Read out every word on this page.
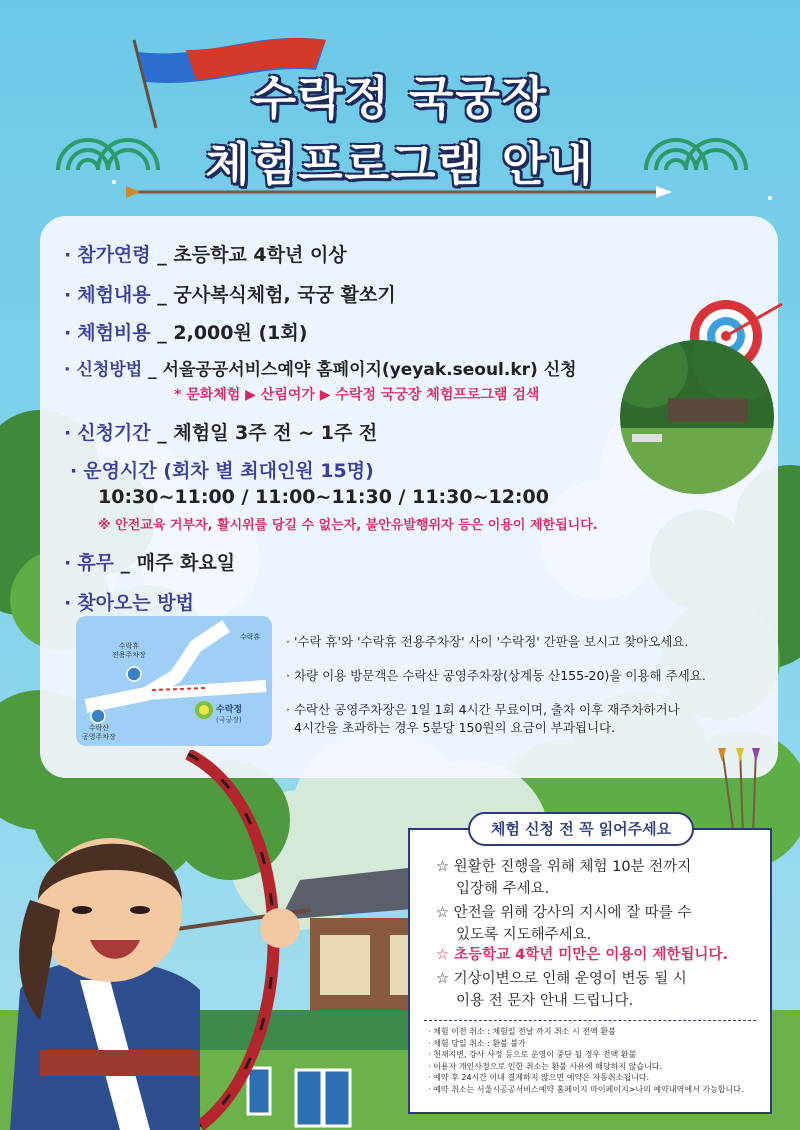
수락정 국궁장
체험프로그램 안내
· 참가연령 _ 초등학교 4학년 이상
· 체험내용 _ 궁사복식체험, 국궁 활쏘기
· 체험비용 _ 2,000원 (1회)
· 신청방법 _ 서울공공서비스예약 홈페이지(yeyak.seoul.kr) 신청
* 문화체험 ▶ 산림여가 ▶ 수락정 국궁장 체험프로그램 검색
· 신청기간 _ 체험일 3주 전 ~ 1주 전
· 운영시간 (회차 별 최대인원 15명)
10:30~11:00 / 11:00~11:30 / 11:30~12:00
※ 안전교육 거부자, 활시위를 당길 수 없는자, 불안유발행위자 등은 이용이 제한됩니다.
· 휴무 _ 매주 화요일
· 찾아오는 방법
수락휴
수락휴
전용주차장
수락산
공영주차장
수락정
(국궁장)
· '수락 휴'와 '수락휴 전용주차장' 사이 '수락정' 간판을 보시고 찾아오세요.
· 차량 이용 방문객은 수락산 공영주차장(상계동 산155-20)을 이용해 주세요.
· 수락산 공영주차장은 1일 1회 4시간 무료이며, 출차 이후 재주차하거나
4시간을 초과하는 경우 5분당 150원의 요금이 부과됩니다.
체험 신청 전 꼭 읽어주세요
☆ 원활한 진행을 위해 체험 10분 전까지
입장해 주세요.
☆ 안전을 위해 강사의 지시에 잘 따를 수
있도록 지도해주세요.
☆ 초등학교 4학년 미만은 이용이 제한됩니다.
☆ 기상이변으로 인해 운영이 변동 될 시
이용 전 문자 안내 드립니다.
· 체험 이전 취소 : 체험일 전날 까지 취소 시 전액 환불
· 체험 당일 취소 : 환불 불가
· 천재지변, 강사 사정 등으로 운영이 중단 될 경우 전액 환불
· 이용자 개인사정으로 인한 취소는 환불 사유에 해당하지 않습니다.
· 예약 후 24시간 이내 결제하지 않으면 예약은 자동취소됩니다.
· 예약 취소는 서울시공공서비스예약 홈페이지 마이페이지>나의 예약내역에서 가능합니다.
